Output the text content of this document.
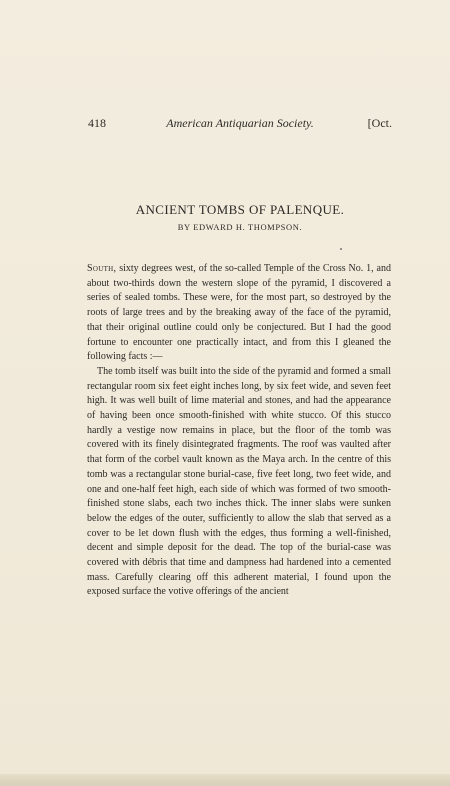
418	American Antiquarian Society.	[Oct.
ANCIENT TOMBS OF PALENQUE.
BY EDWARD H. THOMPSON.

South, sixty degrees west, of the so-called Temple of the Cross No. 1, and about two-thirds down the western slope of the pyramid, I discovered a series of sealed tombs. These were, for the most part, so destroyed by the roots of large trees and by the breaking away of the face of the pyramid, that their original outline could only be conjectured. But I had the good fortune to encounter one practically intact, and from this I gleaned the following facts :—

The tomb itself was built into the side of the pyramid and formed a small rectangular room six feet eight inches long, by six feet wide, and seven feet high. It was well built of lime material and stones, and had the appearance of having been once smooth-finished with white stucco. Of this stucco hardly a vestige now remains in place, but the floor of the tomb was covered with its finely disintegrated fragments. The roof was vaulted after that form of the corbel vault known as the Maya arch. In the centre of this tomb was a rectangular stone burial-case, five feet long, two feet wide, and one and one-half feet high, each side of which was formed of two smooth-finished stone slabs, each two inches thick. The inner slabs were sunken below the edges of the outer, sufficiently to allow the slab that served as a cover to be let down flush with the edges, thus forming a well-finished, decent and simple deposit for the dead. The top of the burial-case was covered with débris that time and dampness had hardened into a cemented mass. Carefully clearing off this adherent material, I found upon the exposed surface the votive offerings of the ancient
